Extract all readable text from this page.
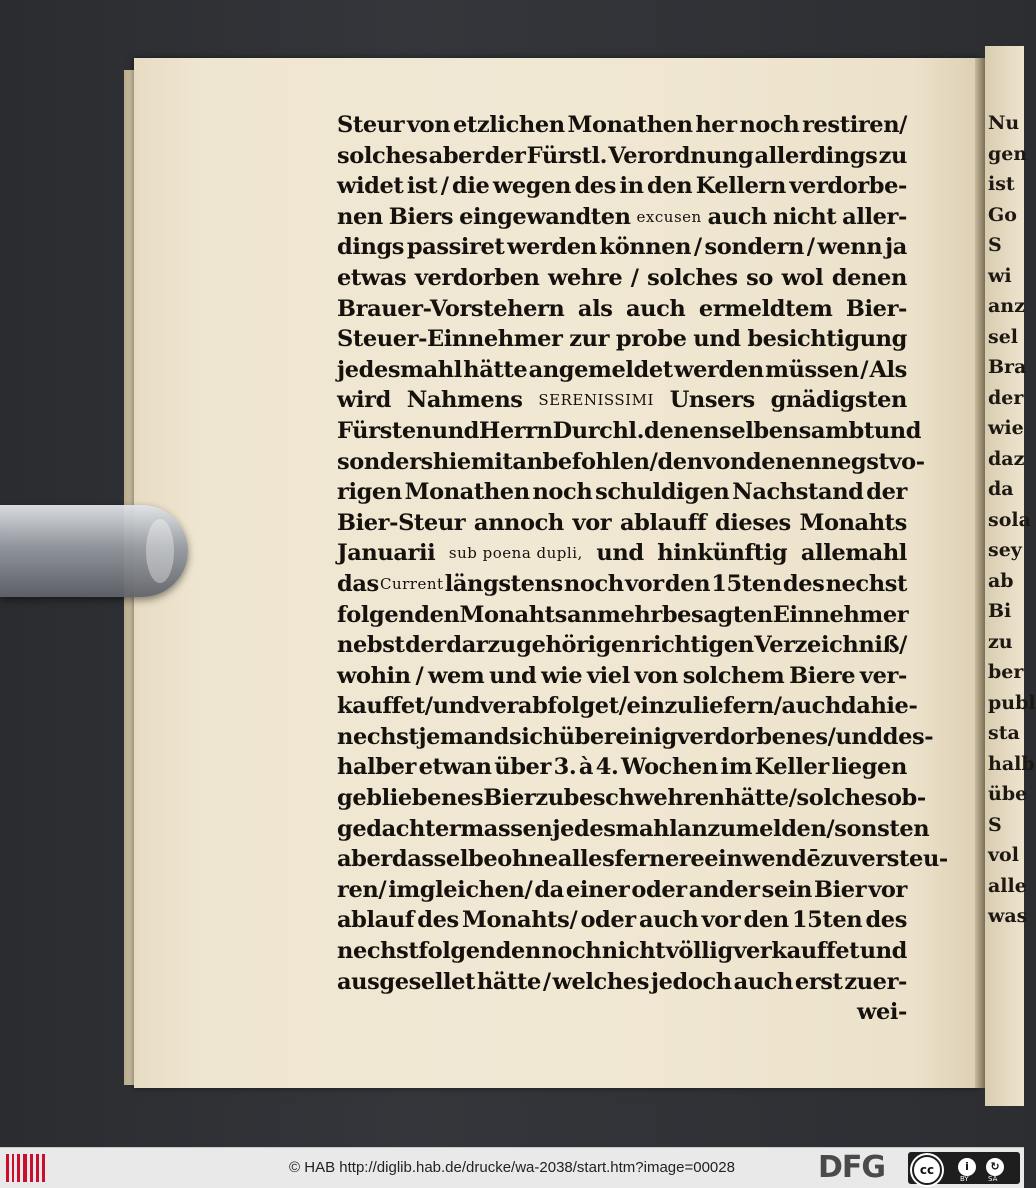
Nu
gen
ist
Go
S
wi
anz
sel
Bra
der
wie
daz
da
sola
sey
ab
Bi
zu
ber
publ
sta
halb
übe
S
vol
alle
was
Steur von etzlichen Monathen her noch restiren/
solches aber der Fürstl. Verordnung allerdings zu
widet ist / die wegen des in den Kellern verdorbe-
nen Biers eingewandten excusen auch nicht aller-
dings passiret werden können / sondern / wenn ja
etwas verdorben wehre / solches so wol denen
Brauer-Vorstehern als auch ermeldtem Bier-
Steuer-Einnehmer zur probe und besichtigung
jedesmahl hätte angemeldet werden müssen / Als
wird Nahmens SERENISSIMI Unsers gnädigsten
Fürsten und Herrn Durchl. denenselben sambt und
sonders hiemit anbefohlen/den von denen negstvo-
rigen Monathen noch schuldigen Nachstand der
Bier-Steur annoch vor ablauff dieses Monahts
Januarii sub poena dupli, und hinkünftig allemahl
das Current längstens noch vor den 15ten des nechst
folgenden Monahts an mehrbesagten Einnehmer
nebst der darzu gehörigen richtigen Verzeichniß/
wohin / wem und wie viel von solchem Biere ver-
kauffet/und verabfolget/einzuliefern/ auch da hie-
nechst jemand sich über einig verdorbenes/und des-
halber etwan über 3. à 4. Wochen im Keller liegen
gebliebenes Bier zubeschwehren hätte/solches ob-
gedachter massen jedesmahl anzumelden/ sonsten
aber dasselbe ohne alles fernere einwendē zuversteu-
ren/ imgleichen/ da einer oder ander sein Bier vor
ablauf des Monahts/ oder auch vor den 15ten des
nechstfolgenden noch nicht völlig verkauffet und
ausgesellet hätte / welches jedoch auch erst zuer-
wei-
© HAB http://diglib.hab.de/drucke/wa-2038/start.htm?image=00028	DFG	cc	i	↻
BY	SA
